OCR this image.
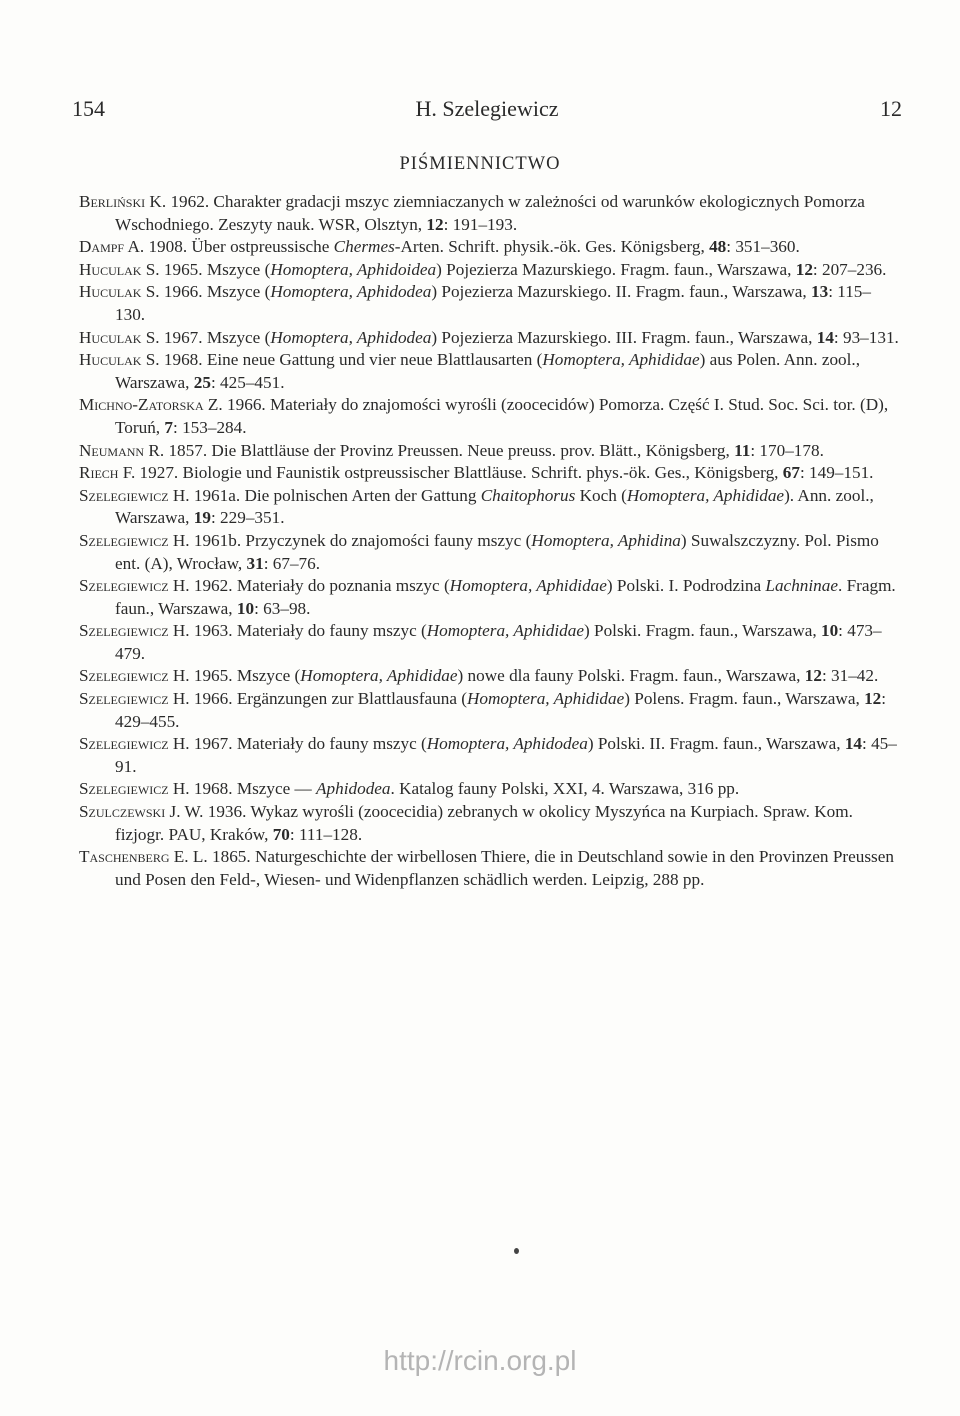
154	H. Szelegiewicz	12
PIŚMIENNICTWO

Berliński K. 1962. Charakter gradacji mszyc ziemniaczanych w zależności od warunków ekologicznych Pomorza Wschodniego. Zeszyty nauk. WSR, Olsztyn, 12: 191–193.

Dampf A. 1908. Über ostpreussische Chermes-Arten. Schrift. physik.-ök. Ges. Königsberg, 48: 351–360.

Huculak S. 1965. Mszyce (Homoptera, Aphidoidea) Pojezierza Mazurskiego. Fragm. faun., Warszawa, 12: 207–236.

Huculak S. 1966. Mszyce (Homoptera, Aphidodea) Pojezierza Mazurskiego. II. Fragm. faun., Warszawa, 13: 115–130.

Huculak S. 1967. Mszyce (Homoptera, Aphidodea) Pojezierza Mazurskiego. III. Fragm. faun., Warszawa, 14: 93–131.

Huculak S. 1968. Eine neue Gattung und vier neue Blattlausarten (Homoptera, Aphididae) aus Polen. Ann. zool., Warszawa, 25: 425–451.

Michno-Zatorska Z. 1966. Materiały do znajomości wyrośli (zoocecidów) Pomorza. Część I. Stud. Soc. Sci. tor. (D), Toruń, 7: 153–284.

Neumann R. 1857. Die Blattläuse der Provinz Preussen. Neue preuss. prov. Blätt., Königsberg, 11: 170–178.

Riech F. 1927. Biologie und Faunistik ostpreussischer Blattläuse. Schrift. phys.-ök. Ges., Königsberg, 67: 149–151.

Szelegiewicz H. 1961a. Die polnischen Arten der Gattung Chaitophorus Koch (Homoptera, Aphididae). Ann. zool., Warszawa, 19: 229–351.

Szelegiewicz H. 1961b. Przyczynek do znajomości fauny mszyc (Homoptera, Aphidina) Suwalszczyzny. Pol. Pismo ent. (A), Wrocław, 31: 67–76.

Szelegiewicz H. 1962. Materiały do poznania mszyc (Homoptera, Aphididae) Polski. I. Podrodzina Lachninae. Fragm. faun., Warszawa, 10: 63–98.

Szelegiewicz H. 1963. Materiały do fauny mszyc (Homoptera, Aphididae) Polski. Fragm. faun., Warszawa, 10: 473–479.

Szelegiewicz H. 1965. Mszyce (Homoptera, Aphididae) nowe dla fauny Polski. Fragm. faun., Warszawa, 12: 31–42.

Szelegiewicz H. 1966. Ergänzungen zur Blattlausfauna (Homoptera, Aphididae) Polens. Fragm. faun., Warszawa, 12: 429–455.

Szelegiewicz H. 1967. Materiały do fauny mszyc (Homoptera, Aphidodea) Polski. II. Fragm. faun., Warszawa, 14: 45–91.

Szelegiewicz H. 1968. Mszyce — Aphidodea. Katalog fauny Polski, XXI, 4. Warszawa, 316 pp.

Szulczewski J. W. 1936. Wykaz wyrośli (zoocecidia) zebranych w okolicy Myszyńca na Kurpiach. Spraw. Kom. fizjogr. PAU, Kraków, 70: 111–128.

Taschenberg E. L. 1865. Naturgeschichte der wirbellosen Thiere, die in Deutschland sowie in den Provinzen Preussen und Posen den Feld-, Wiesen- und Widenpflanzen schädlich werden. Leipzig, 288 pp.

http://rcin.org.pl
